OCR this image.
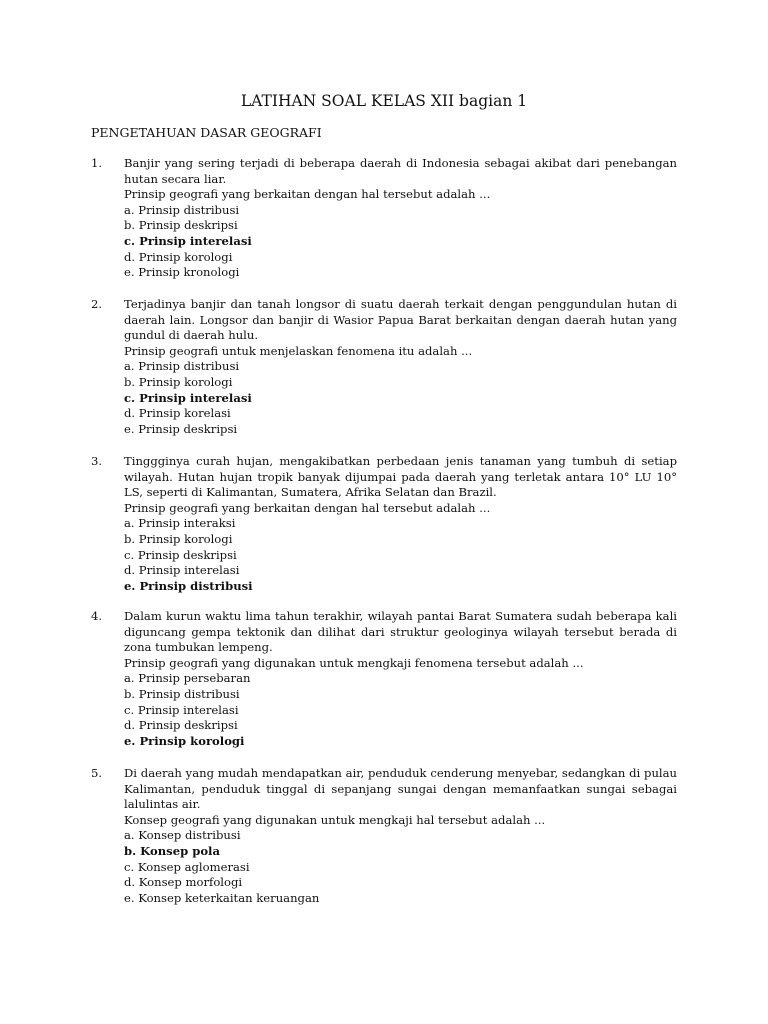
LATIHAN SOAL KELAS XII bagian 1
PENGETAHUAN DASAR GEOGRAFI
1. Banjir yang sering terjadi di beberapa daerah di Indonesia sebagai akibat dari penebangan hutan secara liar.
Prinsip geografi yang berkaitan dengan hal tersebut adalah ...
a. Prinsip distribusi
b. Prinsip deskripsi
c. Prinsip interelasi
d. Prinsip korologi
e. Prinsip kronologi
2. Terjadinya banjir dan tanah longsor di suatu daerah terkait dengan penggundulan hutan di daerah lain. Longsor dan banjir di Wasior Papua Barat berkaitan dengan daerah hutan yang gundul di daerah hulu.
Prinsip geografi untuk menjelaskan fenomena itu adalah ...
a. Prinsip distribusi
b. Prinsip korologi
c. Prinsip interelasi
d. Prinsip korelasi
e. Prinsip deskripsi
3. Tinggginya curah hujan, mengakibatkan perbedaan jenis tanaman yang tumbuh di setiap wilayah. Hutan hujan tropik banyak dijumpai pada daerah yang terletak antara 10° LU 10° LS, seperti di Kalimantan, Sumatera, Afrika Selatan dan Brazil.
Prinsip geografi yang berkaitan dengan hal tersebut adalah ...
a. Prinsip interaksi
b. Prinsip korologi
c. Prinsip deskripsi
d. Prinsip interelasi
e. Prinsip distribusi
4. Dalam kurun waktu lima tahun terakhir, wilayah pantai Barat Sumatera sudah beberapa kali diguncang gempa tektonik dan dilihat dari struktur geologinya wilayah tersebut berada di zona tumbukan lempeng.
Prinsip geografi yang digunakan untuk mengkaji fenomena tersebut adalah ...
a. Prinsip persebaran
b. Prinsip distribusi
c. Prinsip interelasi
d. Prinsip deskripsi
e. Prinsip korologi
5. Di daerah yang mudah mendapatkan air, penduduk cenderung menyebar, sedangkan di pulau Kalimantan, penduduk tinggal di sepanjang sungai dengan memanfaatkan sungai sebagai lalulintas air.
Konsep geografi yang digunakan untuk mengkaji hal tersebut adalah ...
a. Konsep distribusi
b. Konsep pola
c. Konsep aglomerasi
d. Konsep morfologi
e. Konsep keterkaitan keruangan
